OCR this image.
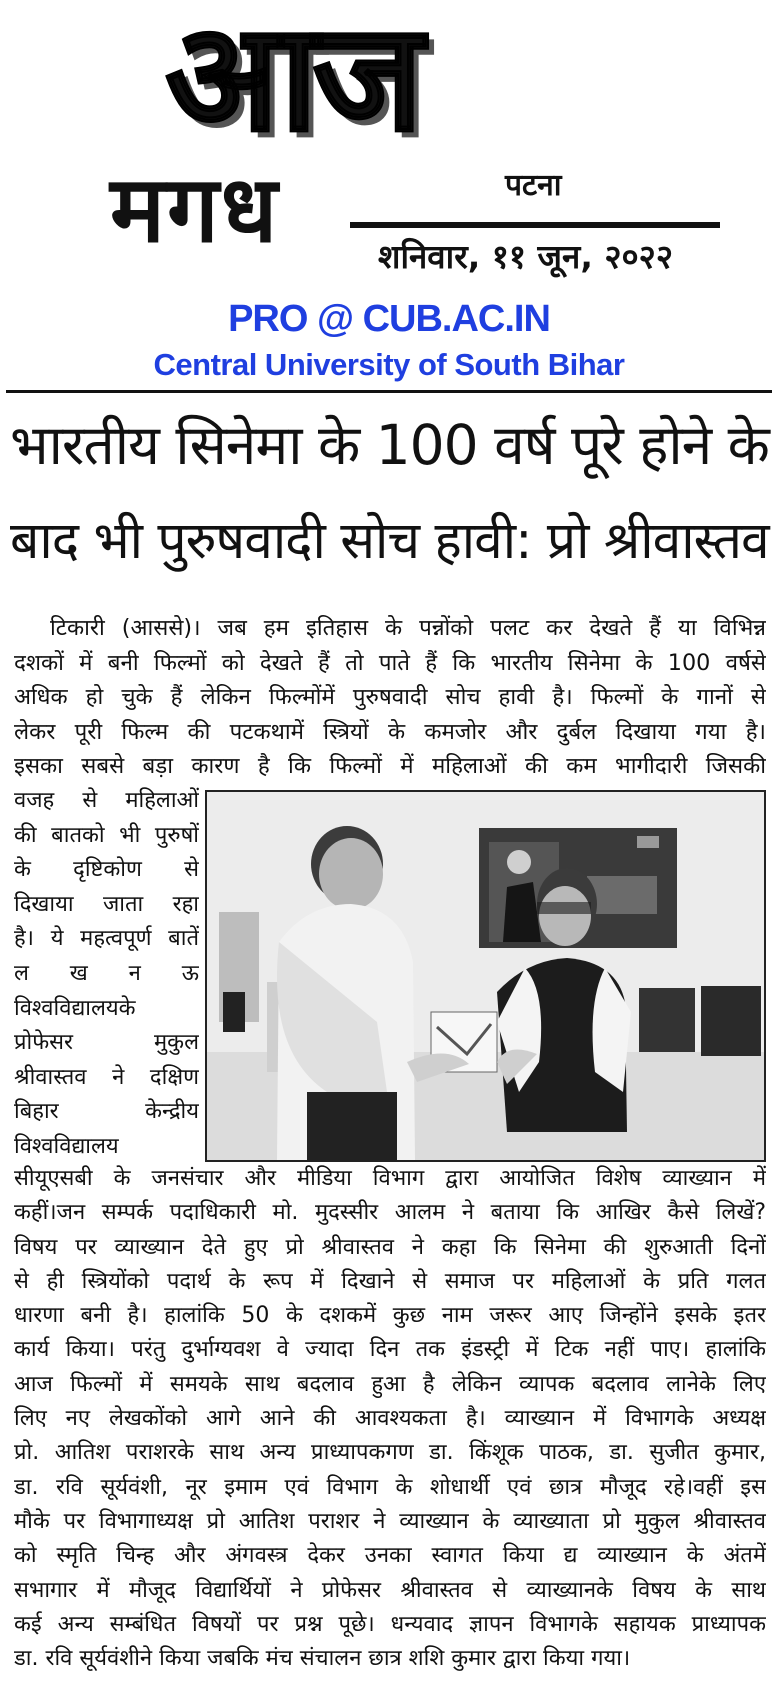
आज
मगध	पटना
शनिवार, ११ जून, २०२२
PRO @ CUB.AC.IN
Central University of South Bihar
भारतीय सिनेमा के 100 वर्ष पूरे होने के
बाद भी पुरुषवादी सोच हावी: प्रो श्रीवास्तव
टिकारी (आससे)। जब हम इतिहास के पन्नोंको पलट कर देखते हैं या विभिन्न
दशकों में बनी फिल्मों को देखते हैं तो पाते हैं कि भारतीय सिनेमा के 100 वर्षसे
अधिक हो चुके हैं लेकिन फिल्मोंमें पुरुषवादी सोच हावी है। फिल्मों के गानों से
लेकर पूरी फिल्म की पटकथामें स्त्रियों के कमजोर और दुर्बल दिखाया गया है।
इसका सबसे बड़ा कारण है कि फिल्मों में महिलाओं की कम भागीदारी जिसकी
वजह से महिलाओं
की बातको भी पुरुषों
के दृष्टिकोण से
दिखाया जाता रहा
है। ये महत्वपूर्ण बातें
ल ख न ऊ
विश्वविद्यालयके
प्रोफेसर मुकुल
श्रीवास्तव ने दक्षिण
बिहार केन्द्रीय
विश्वविद्यालय
सीयूएसबी के जनसंचार और मीडिया विभाग द्वारा आयोजित विशेष व्याख्यान में
कहीं।जन सम्पर्क पदाधिकारी मो. मुदस्सीर आलम ने बताया कि आखिर कैसे लिखें?
विषय पर व्याख्यान देते हुए प्रो श्रीवास्तव ने कहा कि सिनेमा की शुरुआती दिनों
से ही स्त्रियोंको पदार्थ के रूप में दिखाने से समाज पर महिलाओं के प्रति गलत
धारणा बनी है। हालांकि 50 के दशकमें कुछ नाम जरूर आए जिन्होंने इसके इतर
कार्य किया। परंतु दुर्भाग्यवश वे ज्यादा दिन तक इंडस्ट्री में टिक नहीं पाए। हालांकि
आज फिल्मों में समयके साथ बदलाव हुआ है लेकिन व्यापक बदलाव लानेके लिए
लिए नए लेखकोंको आगे आने की आवश्यकता है। व्याख्यान में विभागके अध्यक्ष
प्रो. आतिश पराशरके साथ अन्य प्राध्यापकगण डा. किंशूक पाठक, डा. सुजीत कुमार,
डा. रवि सूर्यवंशी, नूर इमाम एवं विभाग के शोधार्थी एवं छात्र मौजूद रहे।वहीं इस
मौके पर विभागाध्यक्ष प्रो आतिश पराशर ने व्याख्यान के व्याख्याता प्रो मुकुल श्रीवास्तव
को स्मृति चिन्ह और अंगवस्त्र देकर उनका स्वागत किया द्य व्याख्यान के अंतमें
सभागार में मौजूद विद्यार्थियों ने प्रोफेसर श्रीवास्तव से व्याख्यानके विषय के साथ
कई अन्य सम्बंधित विषयों पर प्रश्न पूछे। धन्यवाद ज्ञापन विभागके सहायक प्राध्यापक
डा. रवि सूर्यवंशीने किया जबकि मंच संचालन छात्र शशि कुमार द्वारा किया गया।
